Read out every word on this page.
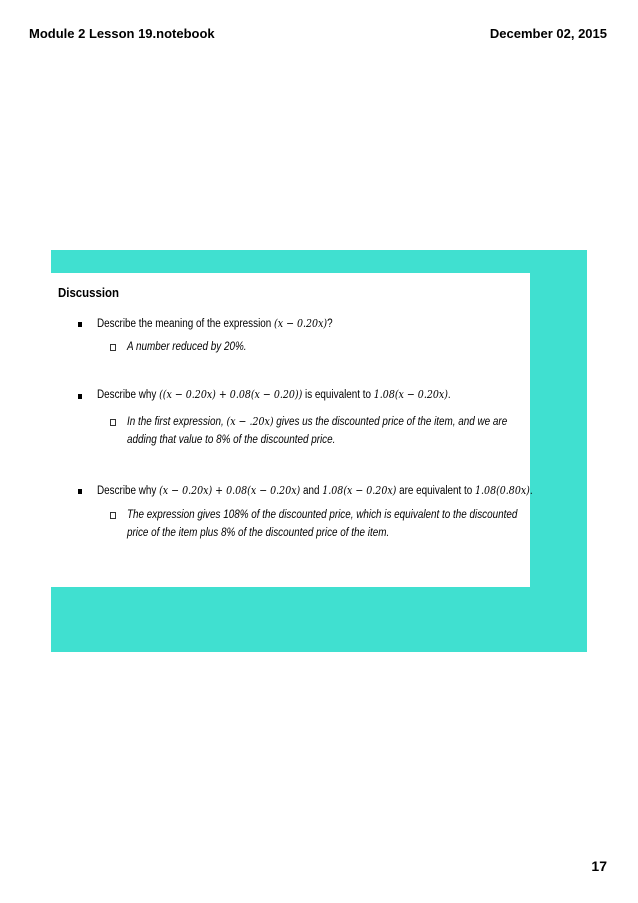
Module 2 Lesson 19.notebook	December 02, 2015
Discussion
Describe the meaning of the expression (x − 0.20x)?
A number reduced by 20%.
Describe why ((x − 0.20x) + 0.08(x − 0.20)) is equivalent to 1.08(x − 0.20x).
In the first expression, (x − .20x) gives us the discounted price of the item, and we are adding that value to 8% of the discounted price.
Describe why (x − 0.20x) + 0.08(x − 0.20x) and 1.08(x − 0.20x) are equivalent to 1.08(0.80x).
The expression gives 108% of the discounted price, which is equivalent to the discounted price of the item plus 8% of the discounted price of the item.
17
